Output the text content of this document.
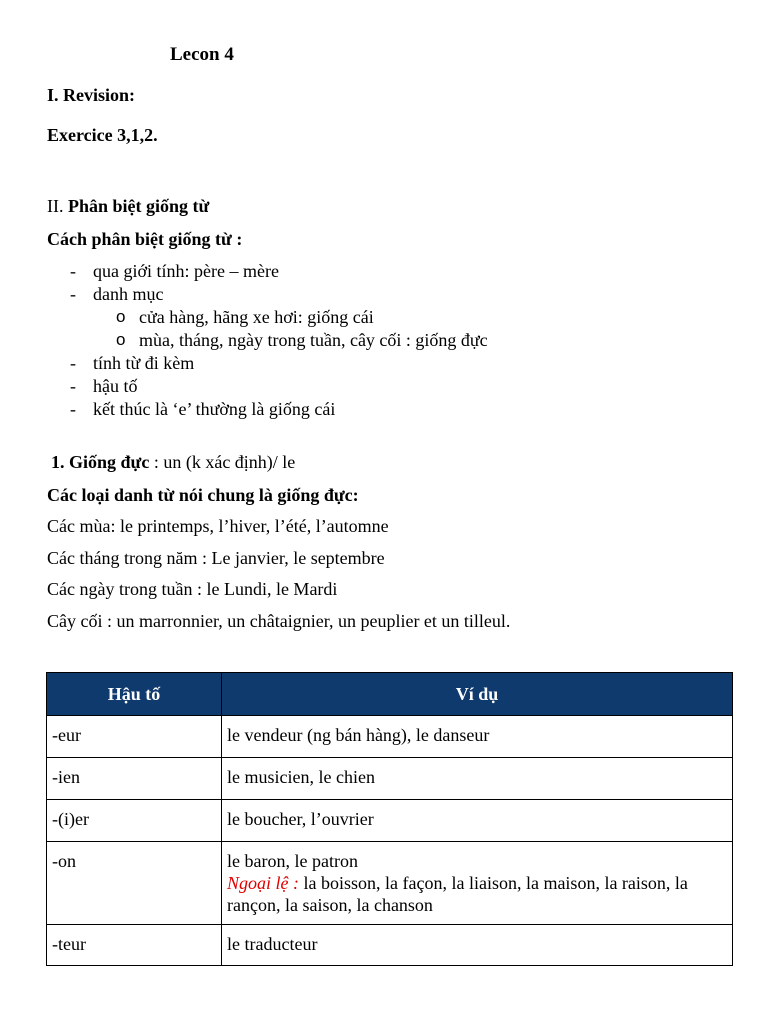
Lecon 4
I. Revision:
Exercice 3,1,2.
II. Phân biệt giống từ
Cách phân biệt giống từ :
- qua giới tính: père – mère
- danh mục
o cửa hàng, hãng xe hơi: giống cái
o mùa, tháng, ngày trong tuần, cây cối : giống đực
- tính từ đi kèm
- hậu tố
- kết thúc là ‘e’ thường là giống cái
1. Giống đực : un (k xác định)/ le
Các loại danh từ nói chung là giống đực:
Các mùa: le printemps, l’hiver, l’été, l’automne
Các tháng trong năm : Le janvier, le septembre
Các ngày trong tuần : le Lundi, le Mardi
Cây cối : un marronnier, un châtaignier, un peuplier et un tilleul.
Hậu tố	Ví dụ
-eur	le vendeur (ng bán hàng), le danseur
-ien	le musicien, le chien
-(i)er	le boucher, l’ouvrier
-on	le baron, le patron
Ngoại lệ : la boisson, la façon, la liaison, la maison, la raison, la rançon, la saison, la chanson

-teur	le traducteur
